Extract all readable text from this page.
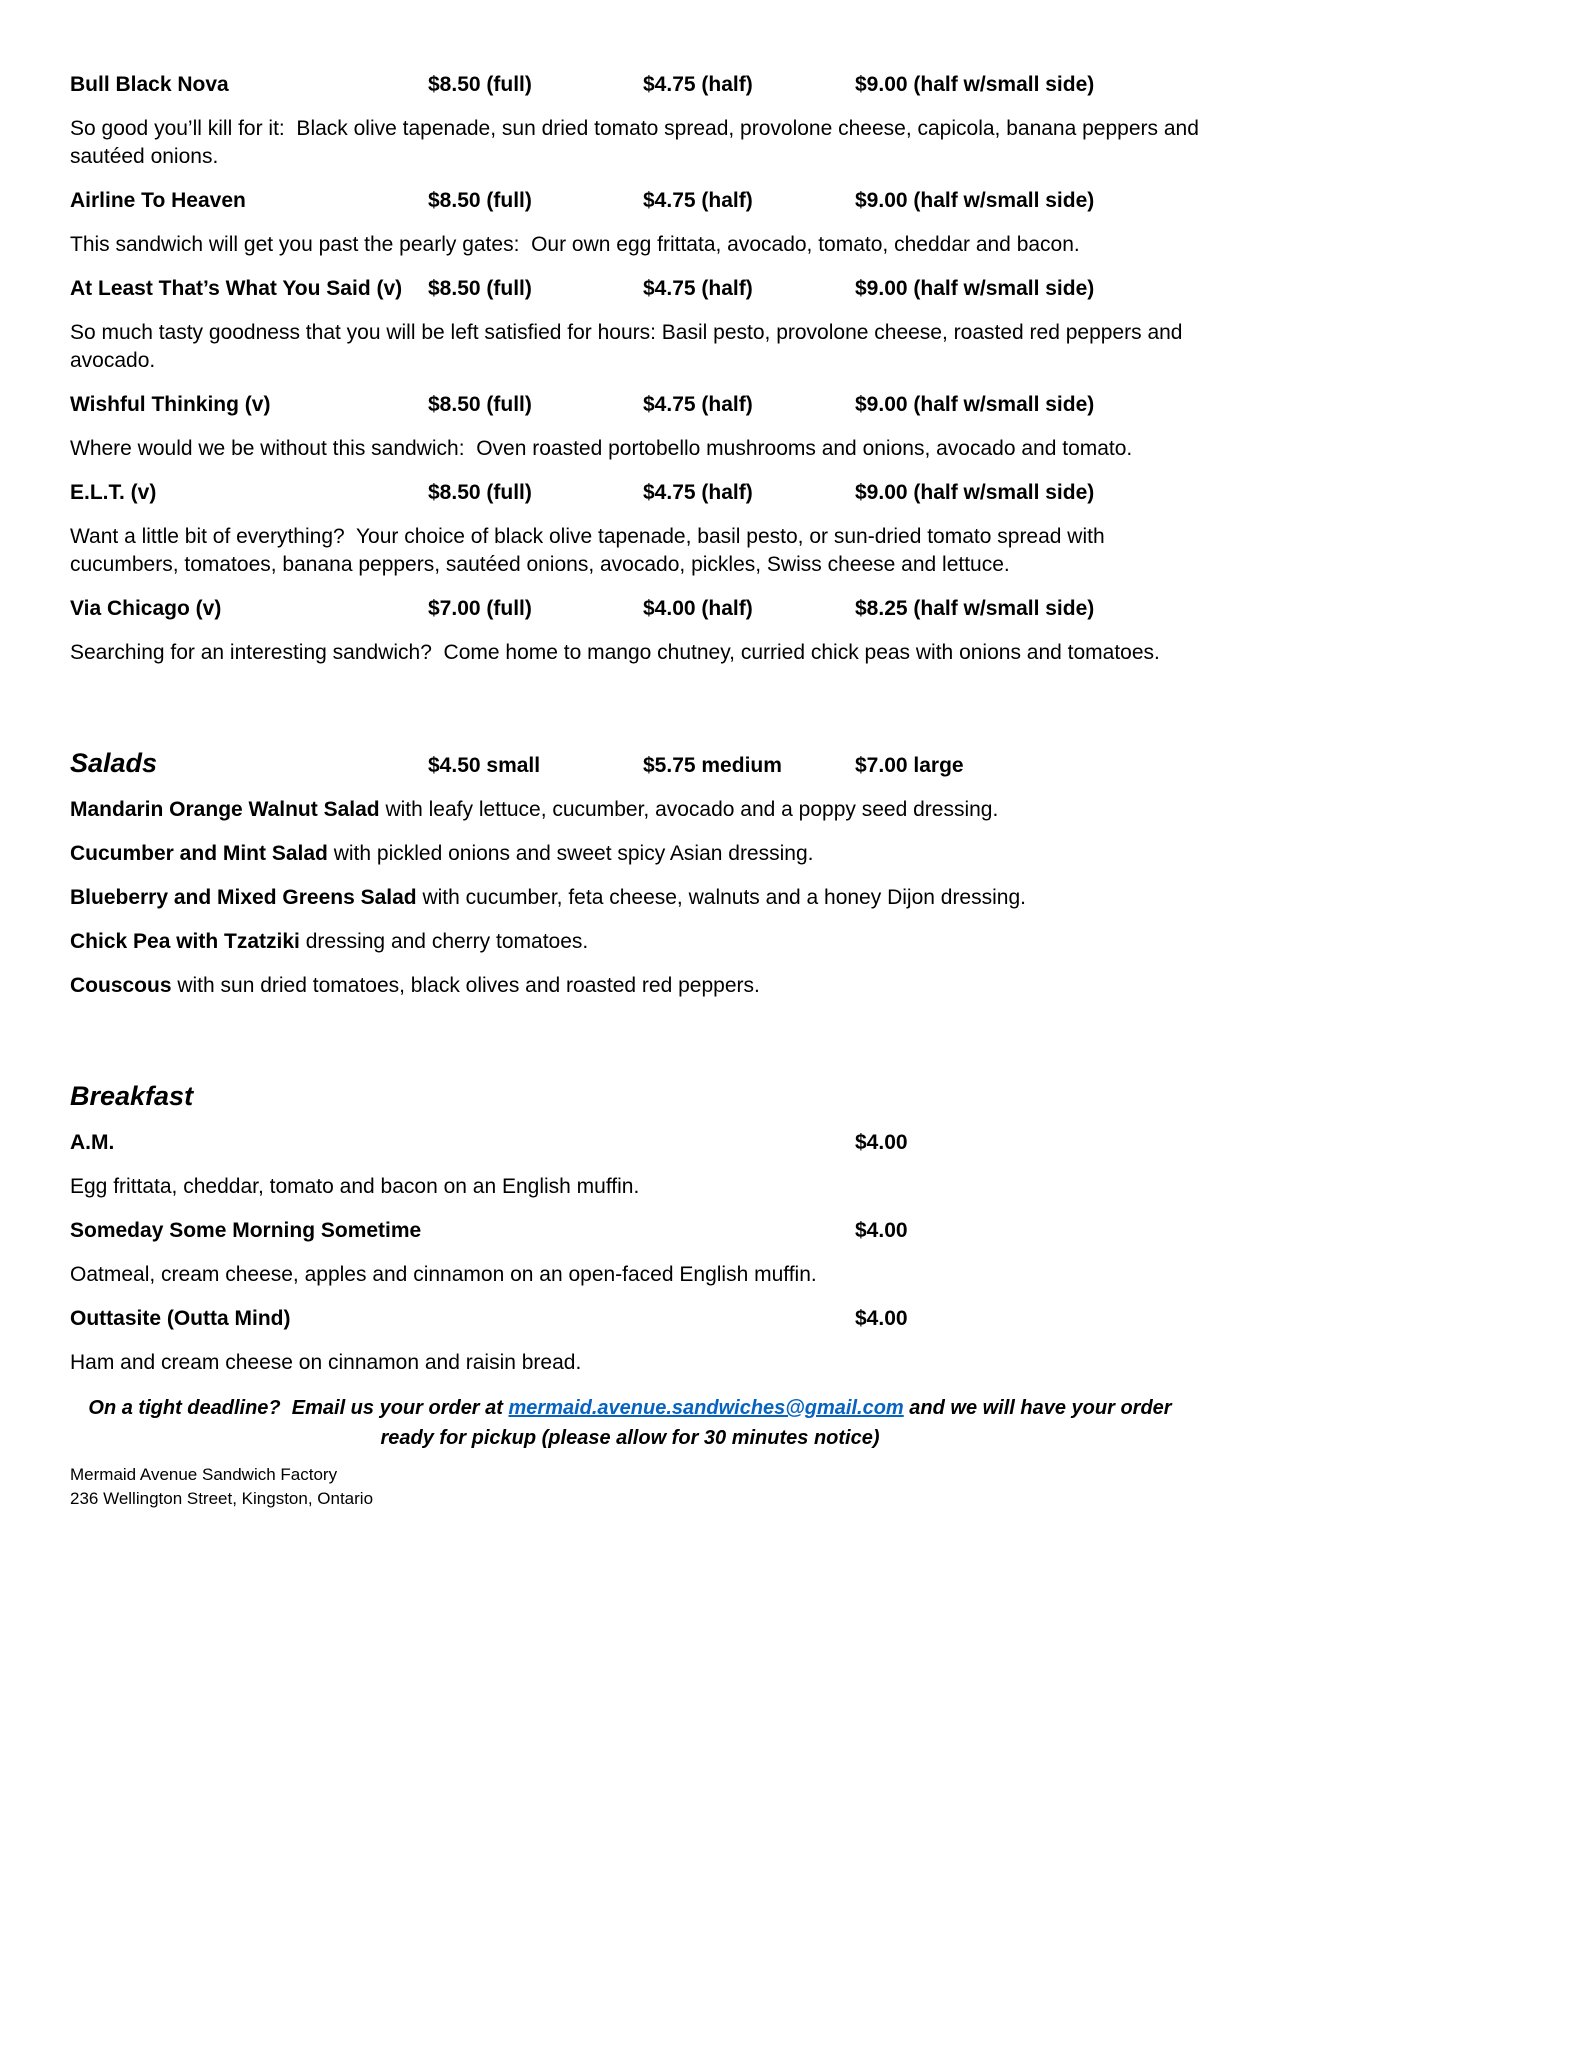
Bull Black Nova	$8.50 (full)	$4.75 (half)	$9.00 (half w/small side)

So good you’ll kill for it:  Black olive tapenade, sun dried tomato spread, provolone cheese, capicola, banana peppers and sautéed onions.

Airline To Heaven	$8.50 (full)	$4.75 (half)	$9.00 (half w/small side)

This sandwich will get you past the pearly gates:  Our own egg frittata, avocado, tomato, cheddar and bacon.

At Least That’s What You Said (v)	$8.50 (full)	$4.75 (half)	$9.00 (half w/small side)

So much tasty goodness that you will be left satisfied for hours: Basil pesto, provolone cheese, roasted red peppers and avocado.

Wishful Thinking (v)	$8.50 (full)	$4.75 (half)	$9.00 (half w/small side)

Where would we be without this sandwich:  Oven roasted portobello mushrooms and onions, avocado and tomato.

E.L.T. (v)	$8.50 (full)	$4.75 (half)	$9.00 (half w/small side)

Want a little bit of everything?  Your choice of black olive tapenade, basil pesto, or sun-dried tomato spread with cucumbers, tomatoes, banana peppers, sautéed onions, avocado, pickles, Swiss cheese and lettuce.

Via Chicago (v)	$7.00 (full)	$4.00 (half)	$8.25 (half w/small side)

Searching for an interesting sandwich?  Come home to mango chutney, curried chick peas with onions and tomatoes.

Salads	$4.50 small	$5.75 medium	$7.00 large

Mandarin Orange Walnut Salad with leafy lettuce, cucumber, avocado and a poppy seed dressing.

Cucumber and Mint Salad with pickled onions and sweet spicy Asian dressing.

Blueberry and Mixed Greens Salad with cucumber, feta cheese, walnuts and a honey Dijon dressing.

Chick Pea with Tzatziki dressing and cherry tomatoes.

Couscous with sun dried tomatoes, black olives and roasted red peppers.

Breakfast
A.M.	$4.00

Egg frittata, cheddar, tomato and bacon on an English muffin.

Someday Some Morning Sometime	$4.00

Oatmeal, cream cheese, apples and cinnamon on an open-faced English muffin.

Outtasite (Outta Mind)	$4.00

Ham and cream cheese on cinnamon and raisin bread.

On a tight deadline?  Email us your order at mermaid.avenue.sandwiches@gmail.com and we will have your order ready for pickup (please allow for 30 minutes notice)

Mermaid Avenue Sandwich Factory
236 Wellington Street, Kingston, Ontario
